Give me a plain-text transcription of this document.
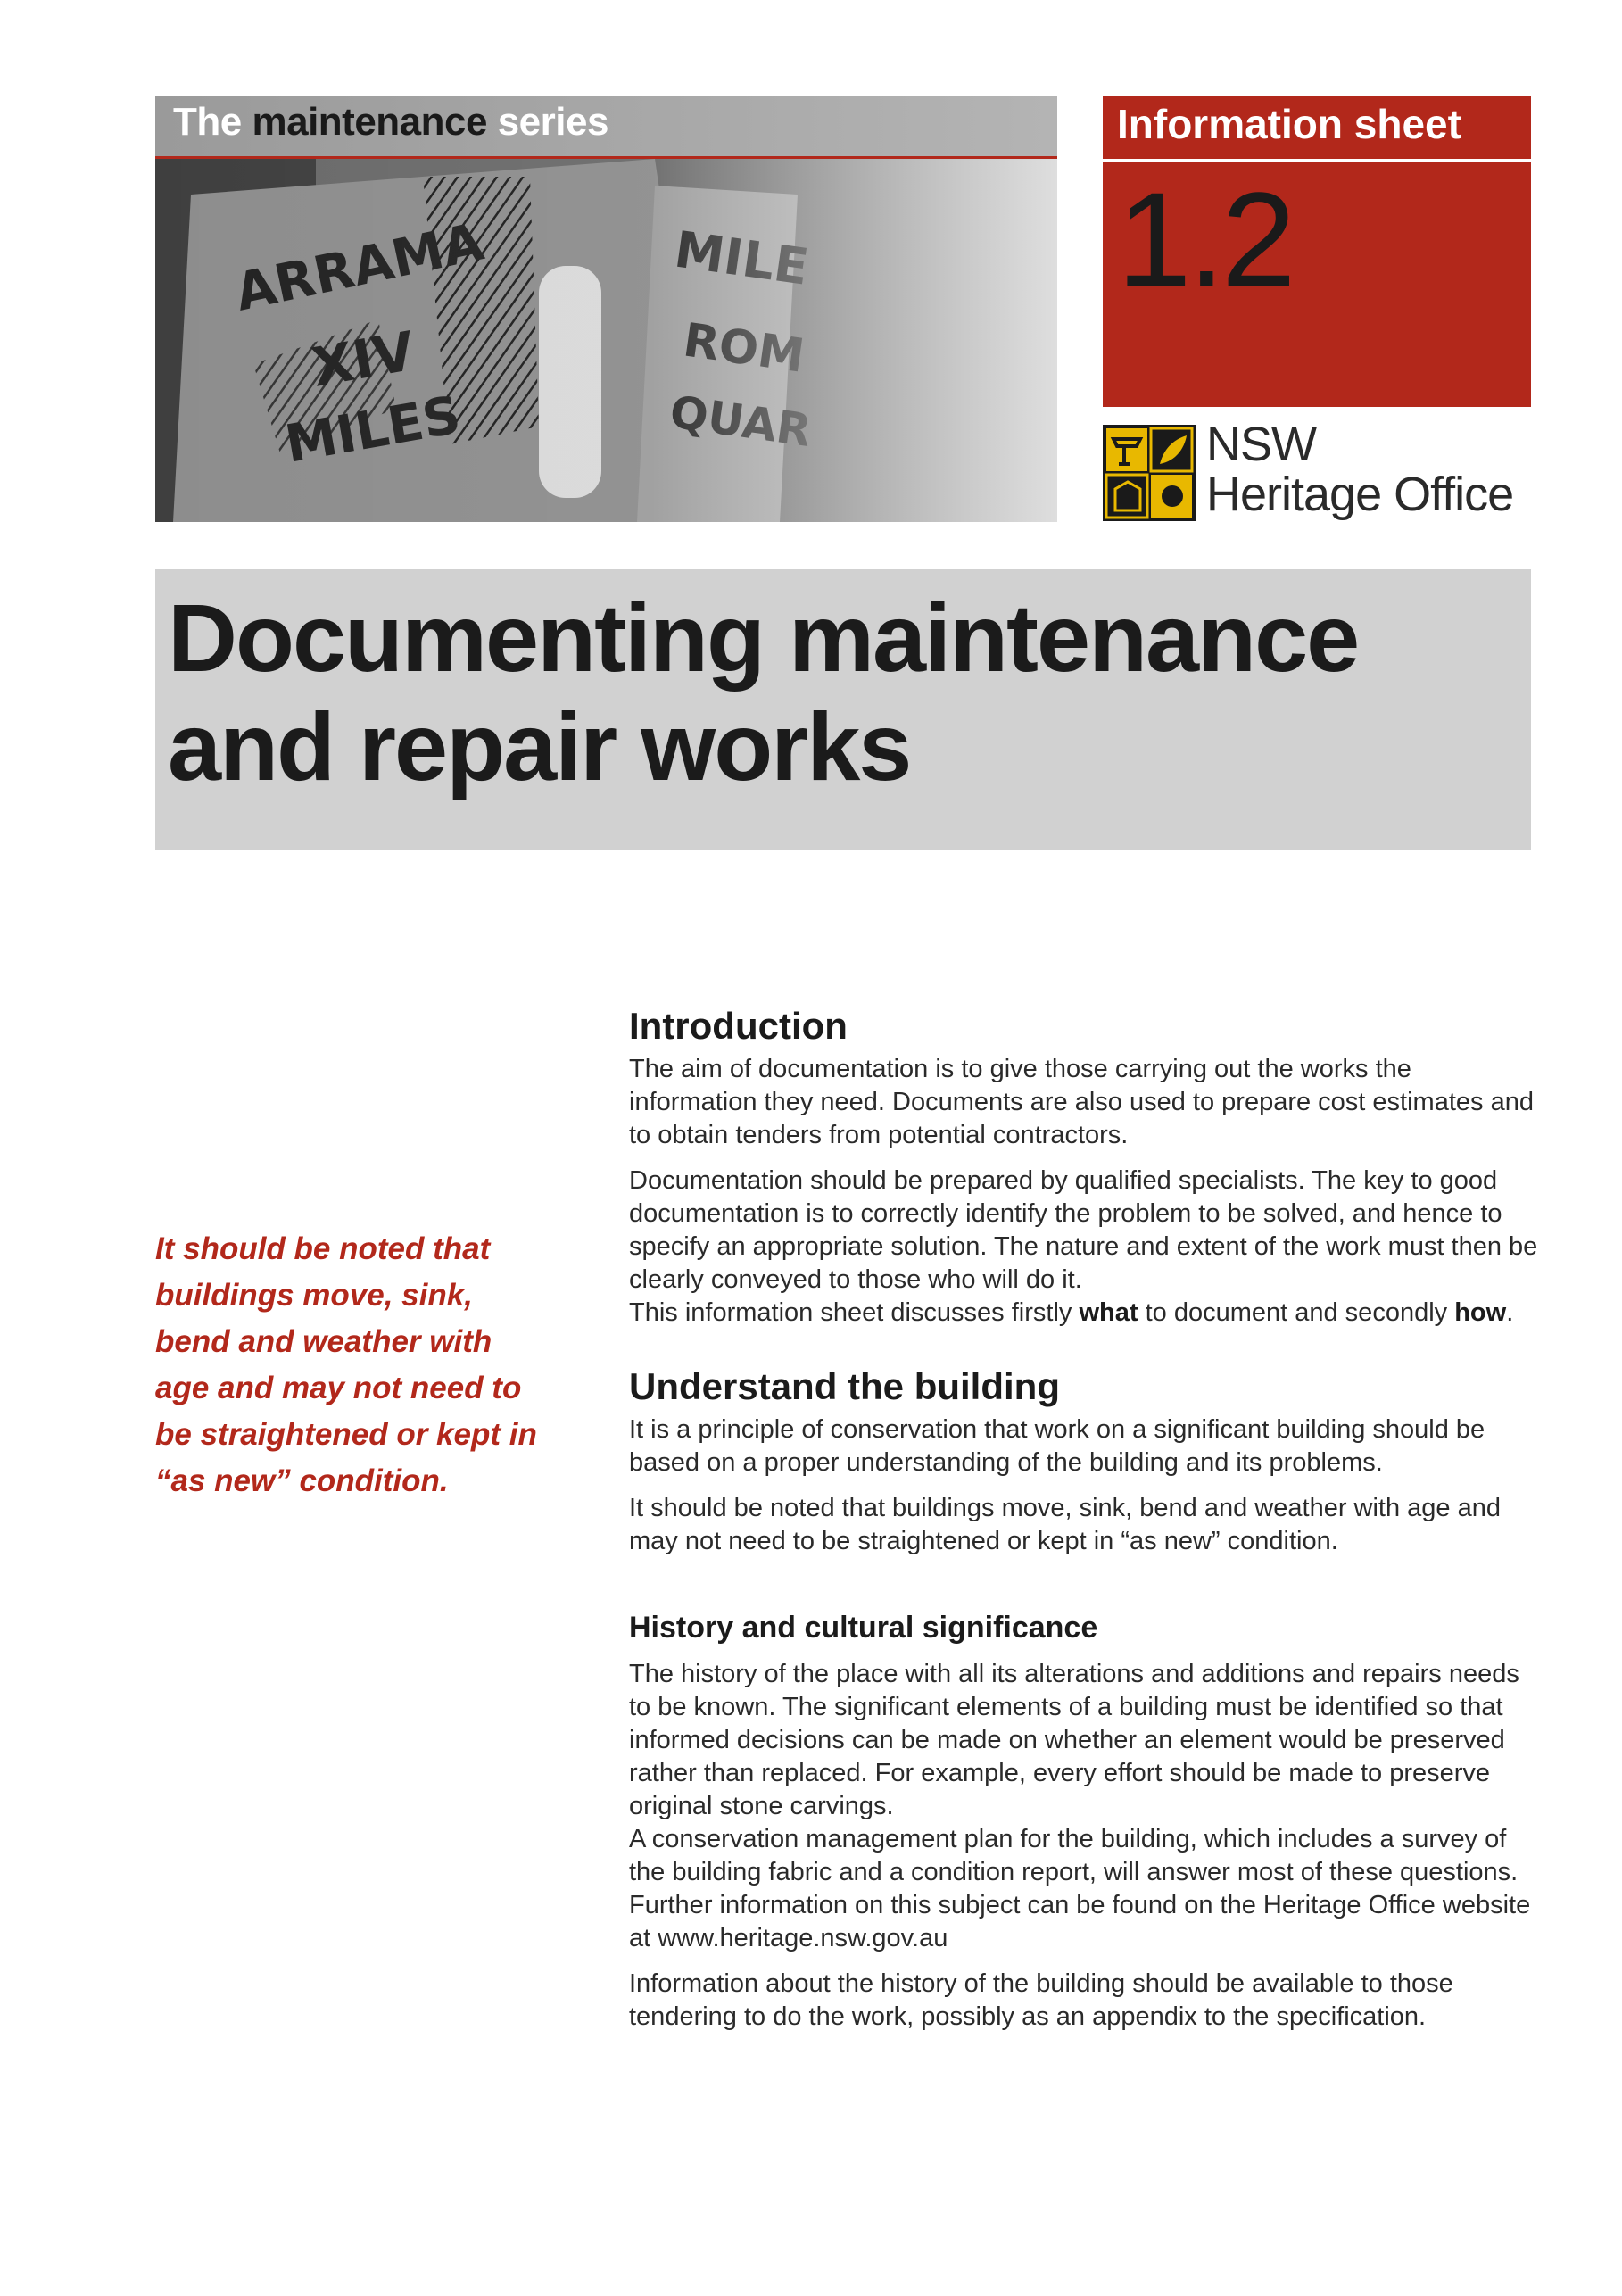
The maintenance series	Information sheet
1.2
NSW
Heritage Office
Documenting maintenance
and repair works

It should be noted that buildings move, sink, bend and weather with age and may not need to be straightened or kept in “as new” condition.

Introduction

The aim of documentation is to give those carrying out the works the information they need. Documents are also used to prepare cost estimates and to obtain tenders from potential contractors.

Documentation should be prepared by qualified specialists. The key to good documentation is to correctly identify the problem to be solved, and hence to specify an appropriate solution. The nature and extent of the work must then be clearly conveyed to those who will do it.

This information sheet discusses firstly what to document and secondly how.

Understand the building

It is a principle of conservation that work on a significant building should be based on a proper understanding of the building and its problems.

It should be noted that buildings move, sink, bend and weather with age and may not need to be straightened or kept in “as new” condition.

History and cultural significance

The history of the place with all its alterations and additions and repairs needs to be known. The significant elements of a building must be identified so that informed decisions can be made on whether an element would be preserved rather than replaced. For example, every effort should be made to preserve original stone carvings.

A conservation management plan for the building, which includes a survey of the building fabric and a condition report, will answer most of these questions. Further information on this subject can be found on the Heritage Office website at www.heritage.nsw.gov.au

Information about the history of the building should be available to those tendering to do the work, possibly as an appendix to the specification.
